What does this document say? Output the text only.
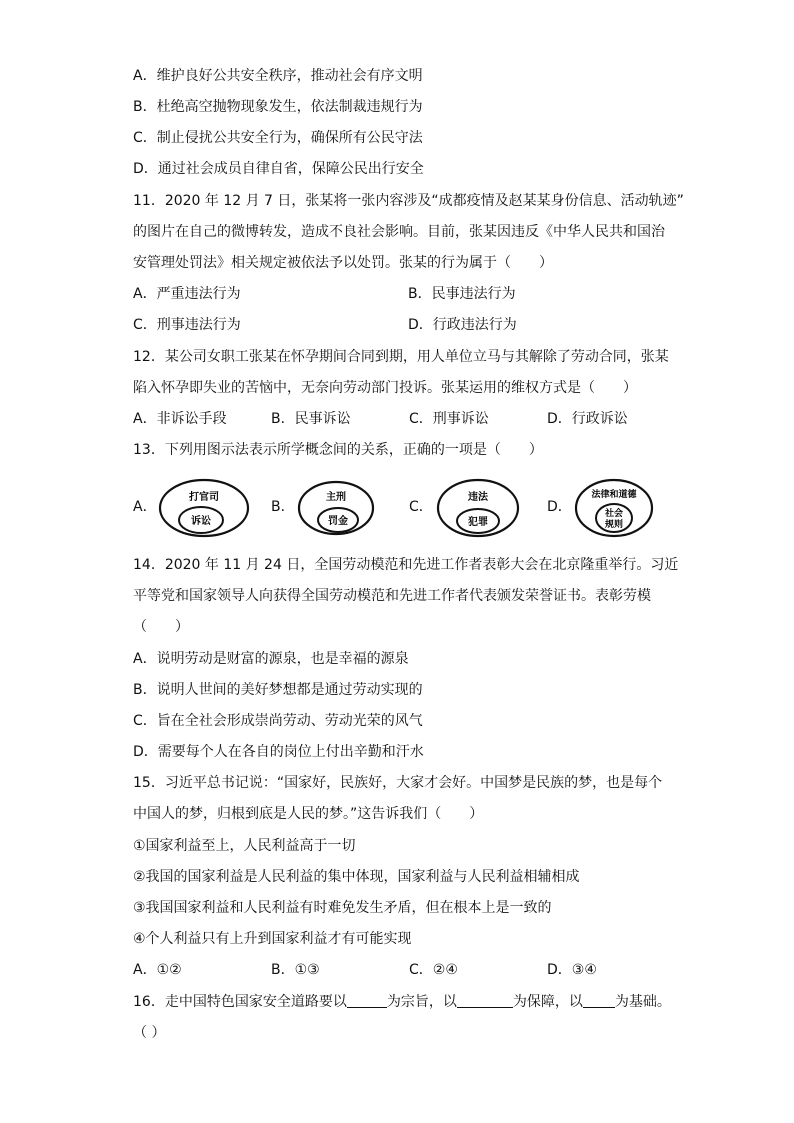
A．维护良好公共安全秩序，推动社会有序文明
B．杜绝高空抛物现象发生，依法制裁违规行为
C．制止侵扰公共安全行为，确保所有公民守法
D．通过社会成员自律自省，保障公民出行安全
11．2020 年 12 月 7 日，张某将一张内容涉及“成都疫情及赵某某身份信息、活动轨迹”
的图片在自己的微博转发，造成不良社会影响。目前，张某因违反《中华人民共和国治
安管理处罚法》相关规定被依法予以处罚。张某的行为属于（　　）
A．严重违法行为	B．民事违法行为
C．刑事违法行为	D．行政违法行为
12．某公司女职工张某在怀孕期间合同到期，用人单位立马与其解除了劳动合同，张某
陷入怀孕即失业的苦恼中，无奈向劳动部门投诉。张某运用的维权方式是（　　）
A．非诉讼手段	B．民事诉讼	C．刑事诉讼	D．行政诉讼
13．下列用图示法表示所学概念间的关系，正确的一项是（　　）
A．
打官司
诉讼
B．
主刑
罚金
C．
违法
犯罪
D．
法律和道德
社会
规则
14．2020 年 11 月 24 日，全国劳动模范和先进工作者表彰大会在北京隆重举行。习近
平等党和国家领导人向获得全国劳动模范和先进工作者代表颁发荣誉证书。表彰劳模
（　　）
A．说明劳动是财富的源泉，也是幸福的源泉
B．说明人世间的美好梦想都是通过劳动实现的
C．旨在全社会形成崇尚劳动、劳动光荣的风气
D．需要每个人在各自的岗位上付出辛勤和汗水
15．习近平总书记说：“国家好，民族好，大家才会好。中国梦是民族的梦，也是每个
中国人的梦，归根到底是人民的梦。”这告诉我们（　　）
①国家利益至上，人民利益高于一切
②我国的国家利益是人民利益的集中体现，国家利益与人民利益相辅相成
③我国国家利益和人民利益有时难免发生矛盾，但在根本上是一致的
④个人利益只有上升到国家利益才有可能实现
A．①②	B．①③	C．②④	D．③④
16．走中国特色国家安全道路要以	为宗旨，以	为保障，以 为基础。
（ ）
